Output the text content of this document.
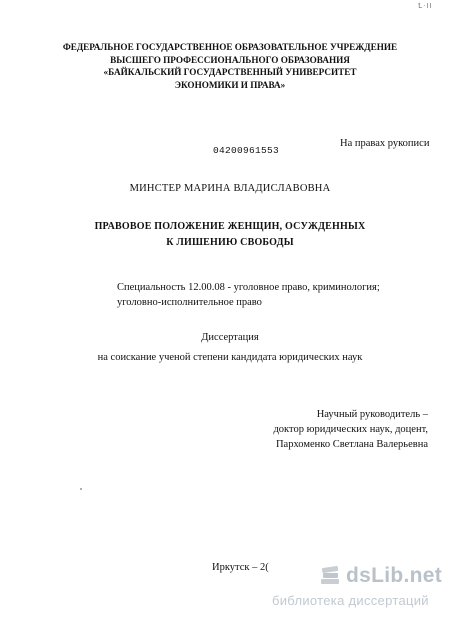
Ꝉ·ⵏⵏ
ФЕДЕРАЛЬНОЕ ГОСУДАРСТВЕННОЕ ОБРАЗОВАТЕЛЬНОЕ УЧРЕЖДЕНИЕ
ВЫСШЕГО ПРОФЕССИОНАЛЬНОГО ОБРАЗОВАНИЯ
«БАЙКАЛЬСКИЙ ГОСУДАРСТВЕННЫЙ УНИВЕРСИТЕТ
ЭКОНОМИКИ И ПРАВА»
04200961553
На правах рукописи
МИНСТЕР МАРИНА ВЛАДИСЛАВОВНА
ПРАВОВОЕ ПОЛОЖЕНИЕ ЖЕНЩИН, ОСУЖДЕННЫХ
К ЛИШЕНИЮ СВОБОДЫ
Специальность 12.00.08 - уголовное право, криминология;
уголовно-исполнительное право
Диссертация
на соискание ученой степени кандидата юридических наук
Научный руководитель –
доктор юридических наук, доцент,
Пархоменко Светлана Валерьевна
Иркутск – 2(	dsLib.net
библиотека диссертаций
